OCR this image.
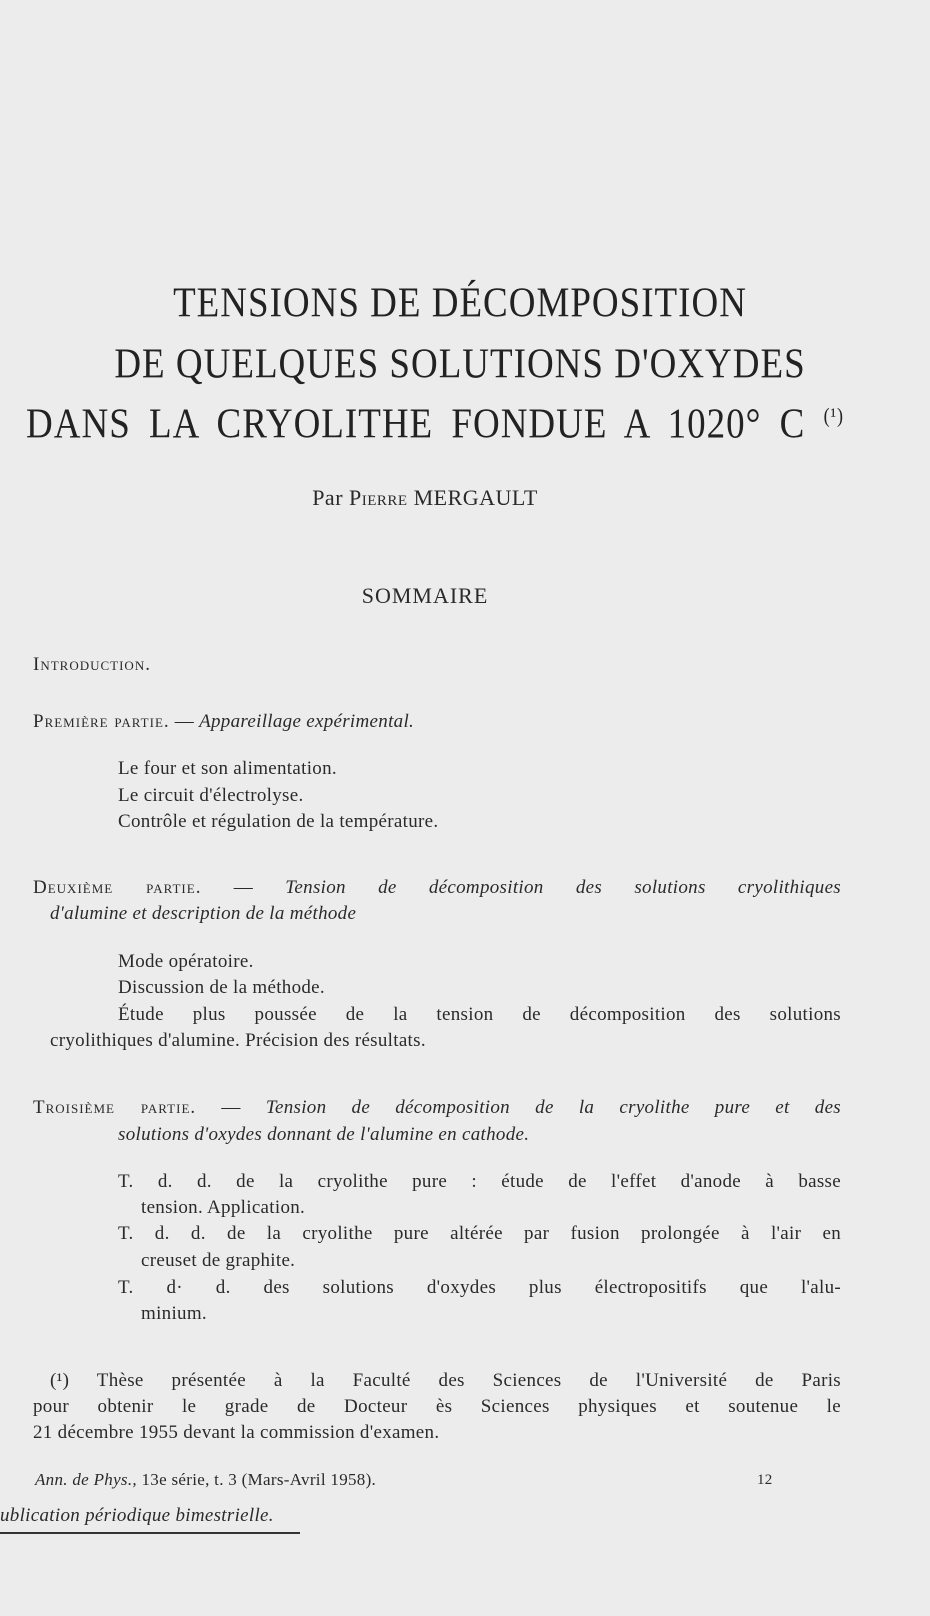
TENSIONS DE DÉCOMPOSITION
DE QUELQUES SOLUTIONS D'OXYDES
DANS LA CRYOLITHE FONDUE A 1020° C $^{(^1)}$
Par Pierre MERGAULT
SOMMAIRE
Introduction.
Première partie. — Appareillage expérimental.
Le four et son alimentation.
Le circuit d'électrolyse.
Contrôle et régulation de la température.
Deuxième partie. — Tension de décomposition des solutions cryolithiques
d'alumine et description de la méthode
Mode opératoire.
Discussion de la méthode.
Étude plus poussée de la tension de décomposition des solutions
cryolithiques d'alumine. Précision des résultats.
Troisième partie. — Tension de décomposition de la cryolithe pure et des
solutions d'oxydes donnant de l'alumine en cathode.
T. d. d. de la cryolithe pure : étude de l'effet d'anode à basse
tension. Application.
T. d. d. de la cryolithe pure altérée par fusion prolongée à l'air en
creuset de graphite.
T. d· d. des solutions d'oxydes plus électropositifs que l'alu-
minium.
(¹) Thèse présentée à la Faculté des Sciences de l'Université de Paris
pour obtenir le grade de Docteur ès Sciences physiques et soutenue le
21 décembre 1955 devant la commission d'examen.
Ann. de Phys., 13e série, t. 3 (Mars-Avril 1958).	12
ublication périodique bimestrielle.
